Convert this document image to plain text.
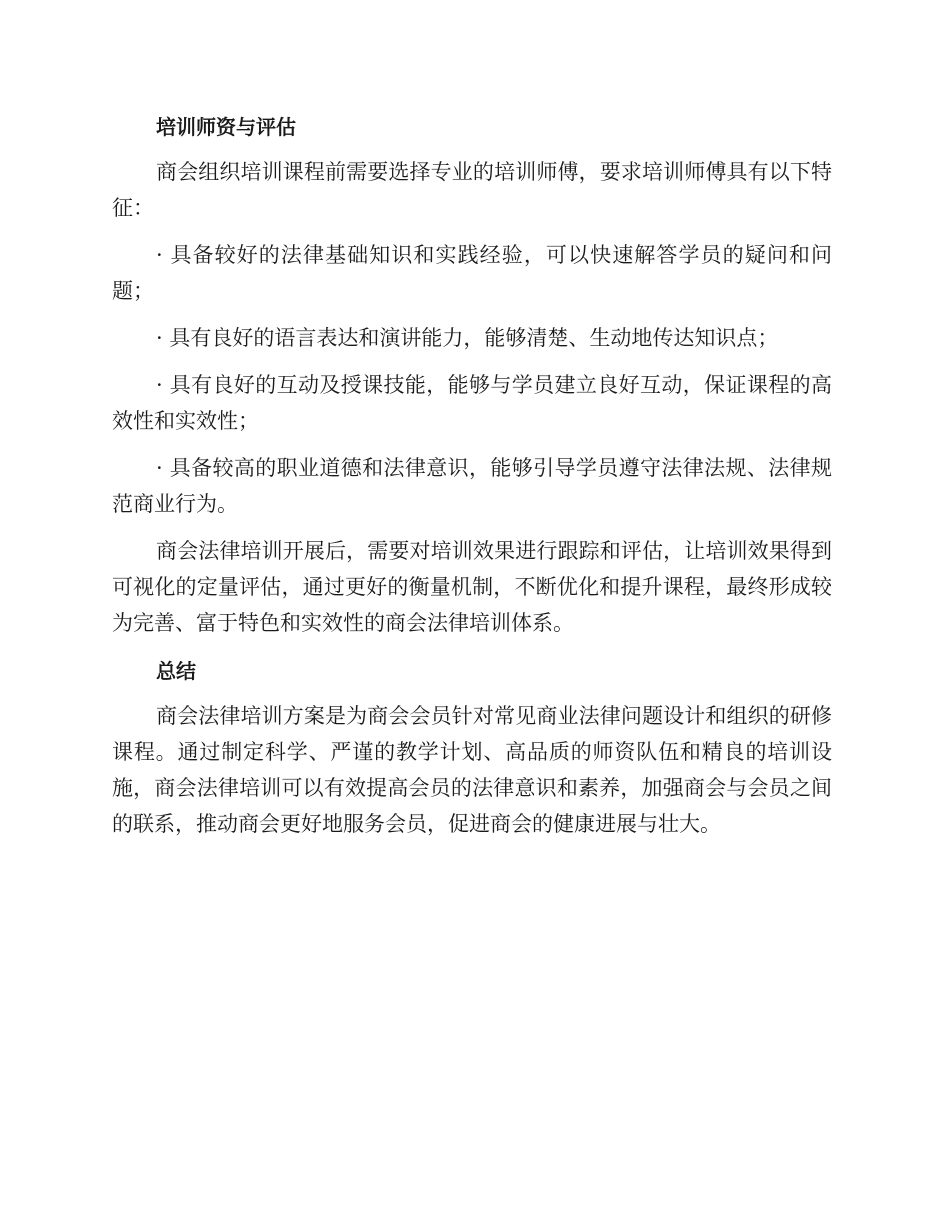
培训师资与评估

商会组织培训课程前需要选择专业的培训师傅，要求培训师傅具有以下特征：

· 具备较好的法律基础知识和实践经验，可以快速解答学员的疑问和问题；

· 具有良好的语言表达和演讲能力，能够清楚、生动地传达知识点；

· 具有良好的互动及授课技能，能够与学员建立良好互动，保证课程的高效性和实效性；

· 具备较高的职业道德和法律意识，能够引导学员遵守法律法规、法律规范商业行为。

商会法律培训开展后，需要对培训效果进行跟踪和评估，让培训效果得到可视化的定量评估，通过更好的衡量机制，不断优化和提升课程，最终形成较为完善、富于特色和实效性的商会法律培训体系。

总结

商会法律培训方案是为商会会员针对常见商业法律问题设计和组织的研修课程。通过制定科学、严谨的教学计划、高品质的师资队伍和精良的培训设施，商会法律培训可以有效提高会员的法律意识和素养，加强商会与会员之间的联系，推动商会更好地服务会员，促进商会的健康进展与壮大。
